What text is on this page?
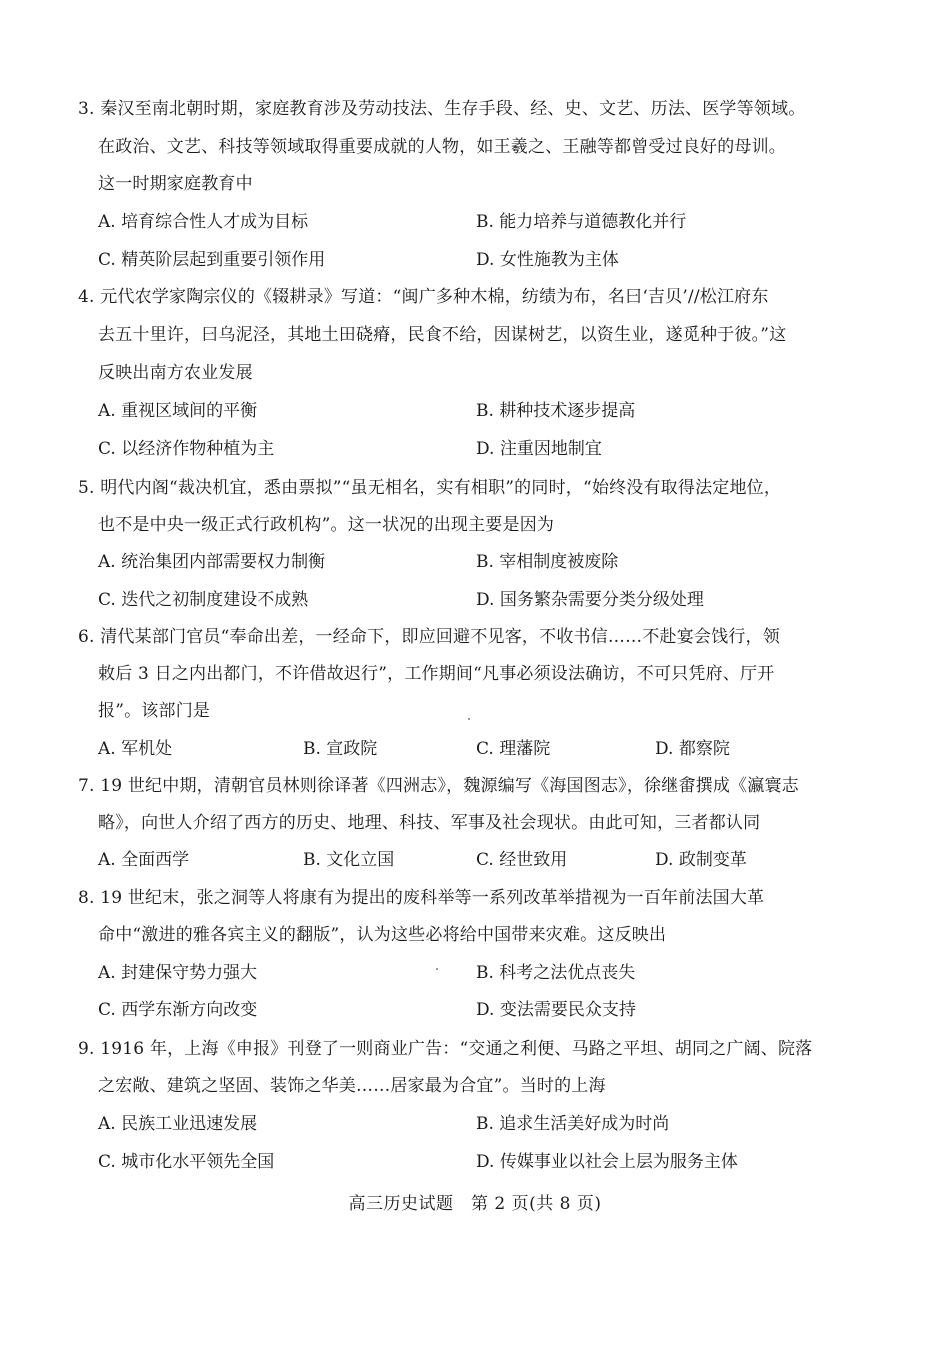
3. 秦汉至南北朝时期，家庭教育涉及劳动技法、生存手段、经、史、文艺、历法、医学等领域。
在政治、文艺、科技等领域取得重要成就的人物，如王羲之、王融等都曾受过良好的母训。
这一时期家庭教育中
A. 培育综合性人才成为目标	B. 能力培养与道德教化并行
C. 精英阶层起到重要引领作用	D. 女性施教为主体
4. 元代农学家陶宗仪的《辍耕录》写道：“闽广多种木棉，纺绩为布，名曰‘吉贝’//松江府东
去五十里许，曰乌泥泾，其地土田硗瘠，民食不给，因谋树艺，以资生业，遂觅种于彼。”这
反映出南方农业发展
A. 重视区域间的平衡	B. 耕种技术逐步提高
C. 以经济作物种植为主	D. 注重因地制宜
5. 明代内阁“裁决机宜，悉由票拟”“虽无相名，实有相职”的同时，“始终没有取得法定地位，
也不是中央一级正式行政机构”。这一状况的出现主要是因为
A. 统治集团内部需要权力制衡	B. 宰相制度被废除
C. 迭代之初制度建设不成熟	D. 国务繁杂需要分类分级处理
6. 清代某部门官员“奉命出差，一经命下，即应回避不见客，不收书信……不赴宴会饯行，领
敕后 3 日之内出都门，不许借故迟行”，工作期间“凡事必须设法确访，不可只凭府、厅开
报”。该部门是
A. 军机处	B. 宣政院	C. 理藩院	D. 都察院
7. 19 世纪中期，清朝官员林则徐译著《四洲志》，魏源编写《海国图志》，徐继畬撰成《瀛寰志
略》，向世人介绍了西方的历史、地理、科技、军事及社会现状。由此可知，三者都认同
A. 全面西学	B. 文化立国	C. 经世致用	D. 政制变革
8. 19 世纪末，张之洞等人将康有为提出的废科举等一系列改革举措视为一百年前法国大革
命中“激进的雅各宾主义的翻版”，认为这些必将给中国带来灾难。这反映出
A. 封建保守势力强大	B. 科考之法优点丧失
C. 西学东渐方向改变	D. 变法需要民众支持
9. 1916 年，上海《申报》刊登了一则商业广告：“交通之利便、马路之平坦、胡同之广阔、院落
之宏敞、建筑之坚固、装饰之华美……居家最为合宜”。当时的上海
A. 民族工业迅速发展	B. 追求生活美好成为时尚
C. 城市化水平领先全国	D. 传媒事业以社会上层为服务主体
高三历史试题　第 2 页(共 8 页)
